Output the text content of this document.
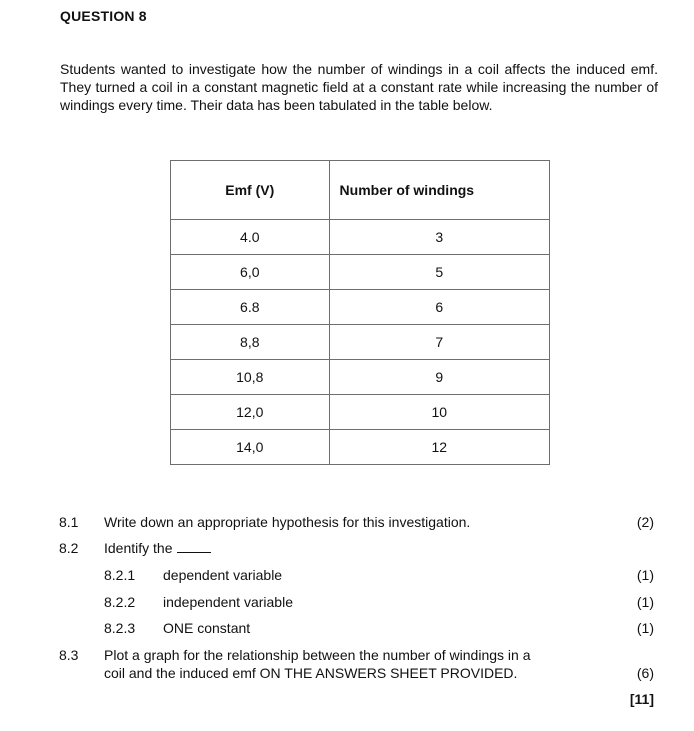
QUESTION 8
Students wanted to investigate how the number of windings in a coil affects the induced emf. They turned a coil in a constant magnetic field at a constant rate while increasing the number of windings every time. Their data has been tabulated in the table below.
Emf (V)	Number of windings
4.0	3
6,0	5
6.8	6
8,8	7
10,8	9
12,0	10
14,0	12
8.1 Write down an appropriate hypothesis for this investigation.	(2)
8.2 Identify the
8.2.1 dependent variable	(1)
8.2.2 independent variable	(1)
8.2.3 ONE constant	(1)
8.3 Plot a graph for the relationship between the number of windings in a
coil and the induced emf ON THE ANSWERS SHEET PROVIDED.	(6)
[11]
